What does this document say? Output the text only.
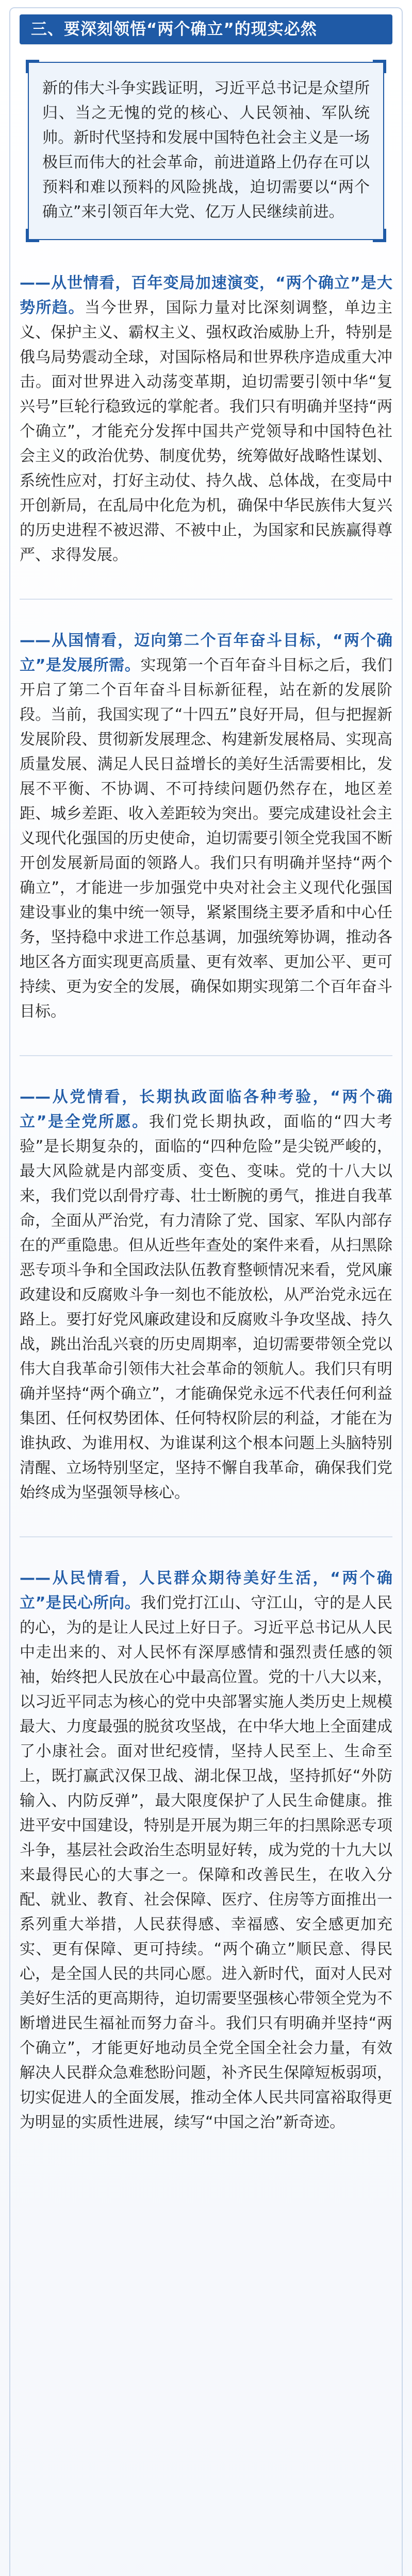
三、要深刻领悟“两个确立”的现实必然

新的伟大斗争实践证明，习近平总书记是众望所归、当之无愧的党的核心、人民领袖、军队统帅。新时代坚持和发展中国特色社会主义是一场极巨而伟大的社会革命，前进道路上仍存在可以预料和难以预料的风险挑战，迫切需要以“两个确立”来引领百年大党、亿万人民继续前进。

——从世情看，百年变局加速演变，“两个确立”是大势所趋。当今世界，国际力量对比深刻调整，单边主义、保护主义、霸权主义、强权政治威胁上升，特别是俄乌局势震动全球，对国际格局和世界秩序造成重大冲击。面对世界进入动荡变革期，迫切需要引领中华“复兴号”巨轮行稳致远的掌舵者。我们只有明确并坚持“两个确立”，才能充分发挥中国共产党领导和中国特色社会主义的政治优势、制度优势，统筹做好战略性谋划、系统性应对，打好主动仗、持久战、总体战，在变局中开创新局，在乱局中化危为机，确保中华民族伟大复兴的历史进程不被迟滞、不被中止，为国家和民族赢得尊严、求得发展。

——从国情看，迈向第二个百年奋斗目标，“两个确立”是发展所需。实现第一个百年奋斗目标之后，我们开启了第二个百年奋斗目标新征程，站在新的发展阶段。当前，我国实现了“十四五”良好开局，但与把握新发展阶段、贯彻新发展理念、构建新发展格局、实现高质量发展、满足人民日益增长的美好生活需要相比，发展不平衡、不协调、不可持续问题仍然存在，地区差距、城乡差距、收入差距较为突出。要完成建设社会主义现代化强国的历史使命，迫切需要引领全党我国不断开创发展新局面的领路人。我们只有明确并坚持“两个确立”，才能进一步加强党中央对社会主义现代化强国建设事业的集中统一领导，紧紧围绕主要矛盾和中心任务，坚持稳中求进工作总基调，加强统筹协调，推动各地区各方面实现更高质量、更有效率、更加公平、更可持续、更为安全的发展，确保如期实现第二个百年奋斗目标。

——从党情看，长期执政面临各种考验，“两个确立”是全党所愿。我们党长期执政，面临的“四大考验”是长期复杂的，面临的“四种危险”是尖锐严峻的，最大风险就是内部变质、变色、变味。党的十八大以来，我们党以刮骨疗毒、壮士断腕的勇气，推进自我革命，全面从严治党，有力清除了党、国家、军队内部存在的严重隐患。但从近些年查处的案件来看，从扫黑除恶专项斗争和全国政法队伍教育整顿情况来看，党风廉政建设和反腐败斗争一刻也不能放松，从严治党永远在路上。要打好党风廉政建设和反腐败斗争攻坚战、持久战，跳出治乱兴衰的历史周期率，迫切需要带领全党以伟大自我革命引领伟大社会革命的领航人。我们只有明确并坚持“两个确立”，才能确保党永远不代表任何利益集团、任何权势团体、任何特权阶层的利益，才能在为谁执政、为谁用权、为谁谋利这个根本问题上头脑特别清醒、立场特别坚定，坚持不懈自我革命，确保我们党始终成为坚强领导核心。

——从民情看，人民群众期待美好生活，“两个确立”是民心所向。我们党打江山、守江山，守的是人民的心，为的是让人民过上好日子。习近平总书记从人民中走出来的、对人民怀有深厚感情和强烈责任感的领袖，始终把人民放在心中最高位置。党的十八大以来，以习近平同志为核心的党中央部署实施人类历史上规模最大、力度最强的脱贫攻坚战，在中华大地上全面建成了小康社会。面对世纪疫情，坚持人民至上、生命至上，既打赢武汉保卫战、湖北保卫战，坚持抓好“外防输入、内防反弹”，最大限度保护了人民生命健康。推进平安中国建设，特别是开展为期三年的扫黑除恶专项斗争，基层社会政治生态明显好转，成为党的十九大以来最得民心的大事之一。保障和改善民生，在收入分配、就业、教育、社会保障、医疗、住房等方面推出一系列重大举措，人民获得感、幸福感、安全感更加充实、更有保障、更可持续。“两个确立”顺民意、得民心，是全国人民的共同心愿。进入新时代，面对人民对美好生活的更高期待，迫切需要坚强核心带领全党为不断增进民生福祉而努力奋斗。我们只有明确并坚持“两个确立”，才能更好地动员全党全国全社会力量，有效解决人民群众急难愁盼问题，补齐民生保障短板弱项，切实促进人的全面发展，推动全体人民共同富裕取得更为明显的实质性进展，续写“中国之治”新奇迹。
